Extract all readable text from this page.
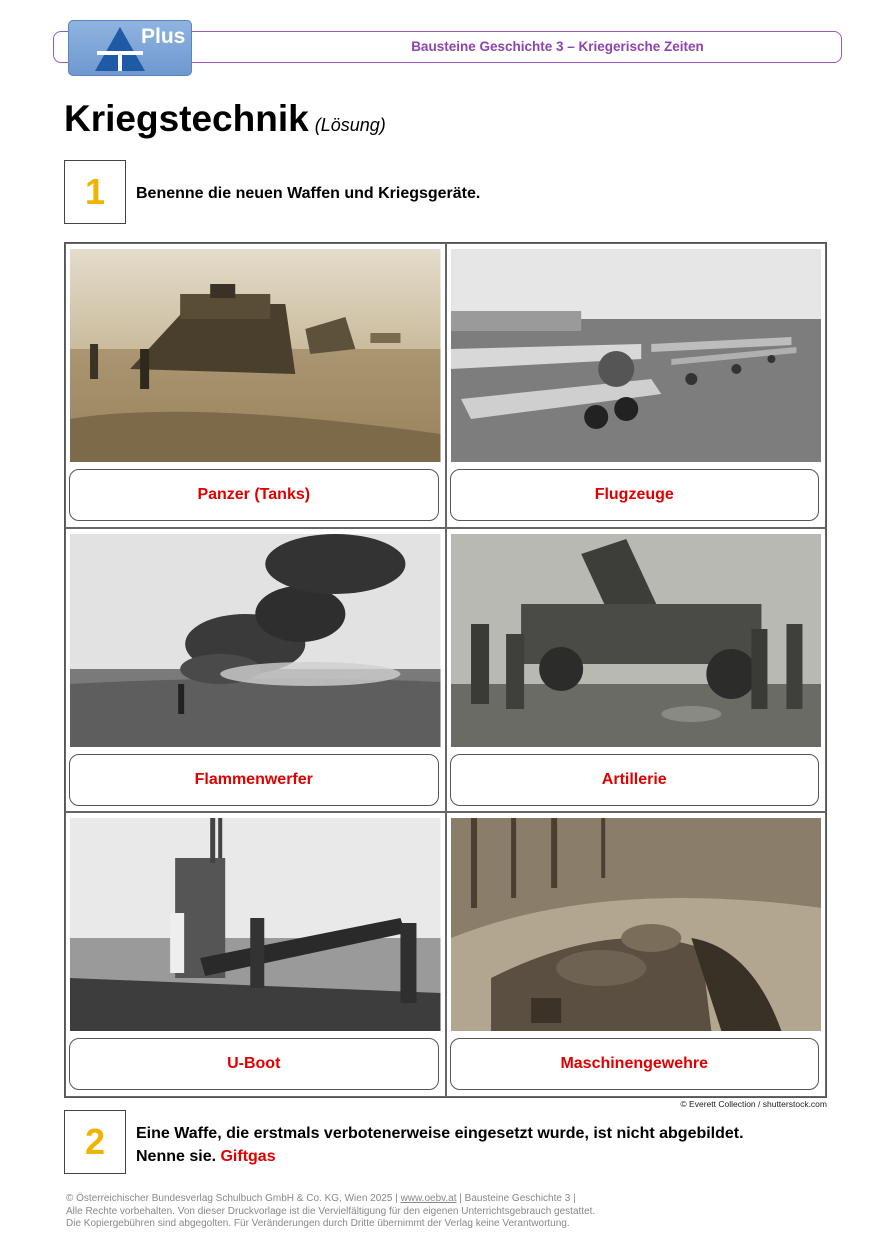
Bausteine Geschichte 3 – Kriegerische Zeiten
Plus
Kriegstechnik (Lösung)
1	Benenne die neuen Waffen und Kriegsgeräte.
Panzer (Tanks)	Flugzeuge
Flammenwerfer	Artillerie
U-Boot	Maschinengewehre
© Everett Collection / shutterstock.com
2	Eine Waffe, die erstmals verbotenerweise eingesetzt wurde, ist nicht abgebildet.
Nenne sie. Giftgas
© Österreichischer Bundesverlag Schulbuch GmbH & Co. KG, Wien 2025 | www.oebv.at | Bausteine Geschichte 3 |
Alle Rechte vorbehalten. Von dieser Druckvorlage ist die Vervielfältigung für den eigenen Unterrichtsgebrauch gestattet.
Die Kopiergebühren sind abgegolten. Für Veränderungen durch Dritte übernimmt der Verlag keine Verantwortung.
